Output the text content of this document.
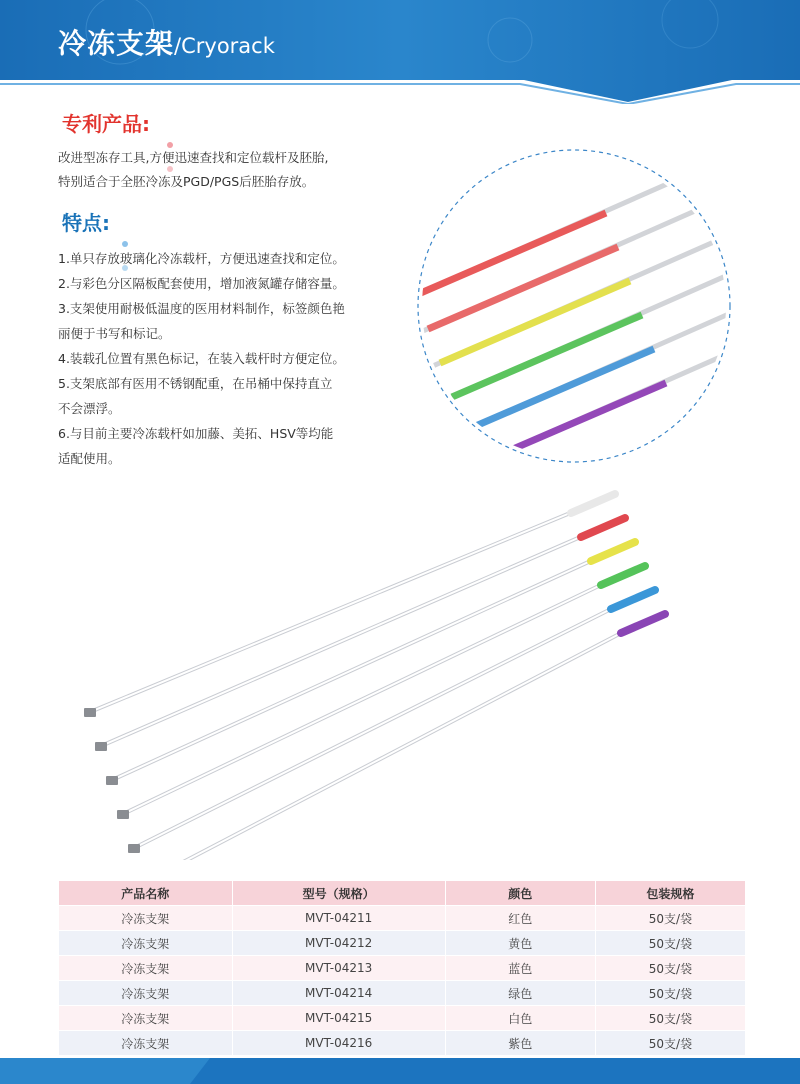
冷冻支架/Cryorack
专利产品:
改进型冻存工具,方便迅速查找和定位载杆及胚胎,
特别适合于全胚冷冻及PGD/PGS后胚胎存放。
特点:
1.单只存放玻璃化冷冻载杆，方便迅速查找和定位。
2.与彩色分区隔板配套使用，增加液氮罐存储容量。
3.支架使用耐极低温度的医用材料制作，标签颜色艳
丽便于书写和标记。
4.装载孔位置有黑色标记，在装入载杆时方便定位。
5.支架底部有医用不锈钢配重，在吊桶中保持直立
不会漂浮。
6.与目前主要冷冻载杆如加藤、美拓、HSV等均能
适配使用。
产品名称	型号（规格）	颜色	包装规格
冷冻支架	MVT-04211	红色	50支/袋
冷冻支架	MVT-04212	黄色	50支/袋
冷冻支架	MVT-04213	蓝色	50支/袋
冷冻支架	MVT-04214	绿色	50支/袋
冷冻支架	MVT-04215	白色	50支/袋
冷冻支架	MVT-04216	紫色	50支/袋
